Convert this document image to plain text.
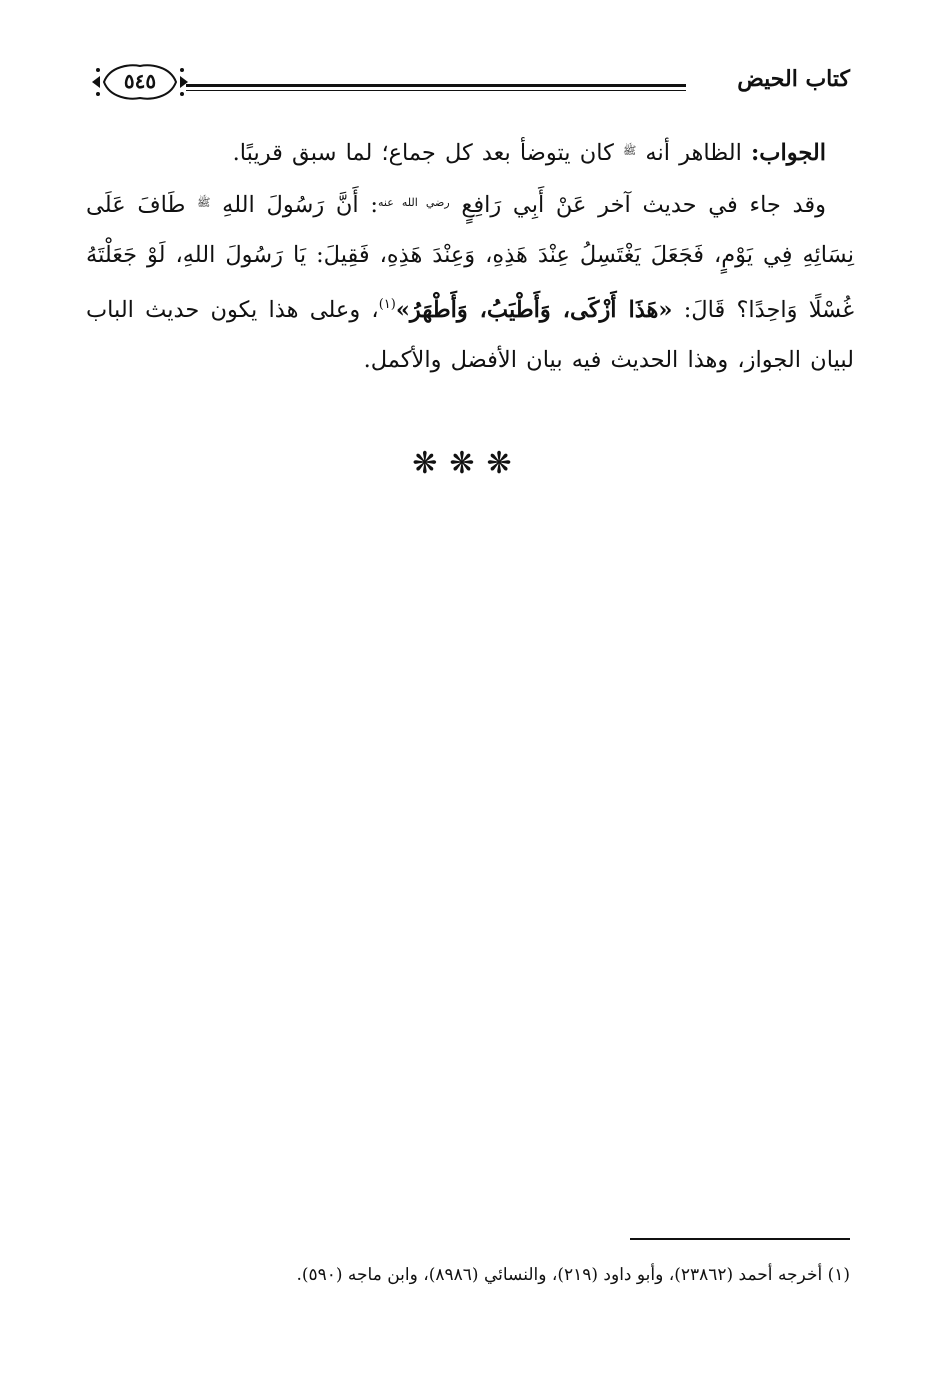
كتاب الحيض
٥٤٥

الجواب: الظاهر أنه $^ﷺ$ كان يتوضأ بعد كل جماع؛ لما سبق قريبًا.

وقد جاء في حديث آخر عَنْ أَبِي رَافِعٍ $^{رضي الله عنه}$: أَنَّ رَسُولَ اللهِ $^ﷺ$ طَافَ عَلَى نِسَائِهِ فِي يَوْمٍ، فَجَعَلَ يَغْتَسِلُ عِنْدَ هَذِهِ، وَعِنْدَ هَذِهِ، فَقِيلَ: يَا رَسُولَ اللهِ، لَوْ جَعَلْتَهُ غُسْلًا وَاحِدًا؟ قَالَ: «هَذَا أَزْكَى، وَأَطْيَبُ، وَأَطْهَرُ»$^{(١)}$، وعلى هذا يكون حديث الباب لبيان الجواز، وهذا الحديث فيه بيان الأفضل والأكمل.

❋❋❋
(١) أخرجه أحمد (٢٣٨٦٢)، وأبو داود (٢١٩)، والنسائي (٨٩٨٦)، وابن ماجه (٥٩٠).
